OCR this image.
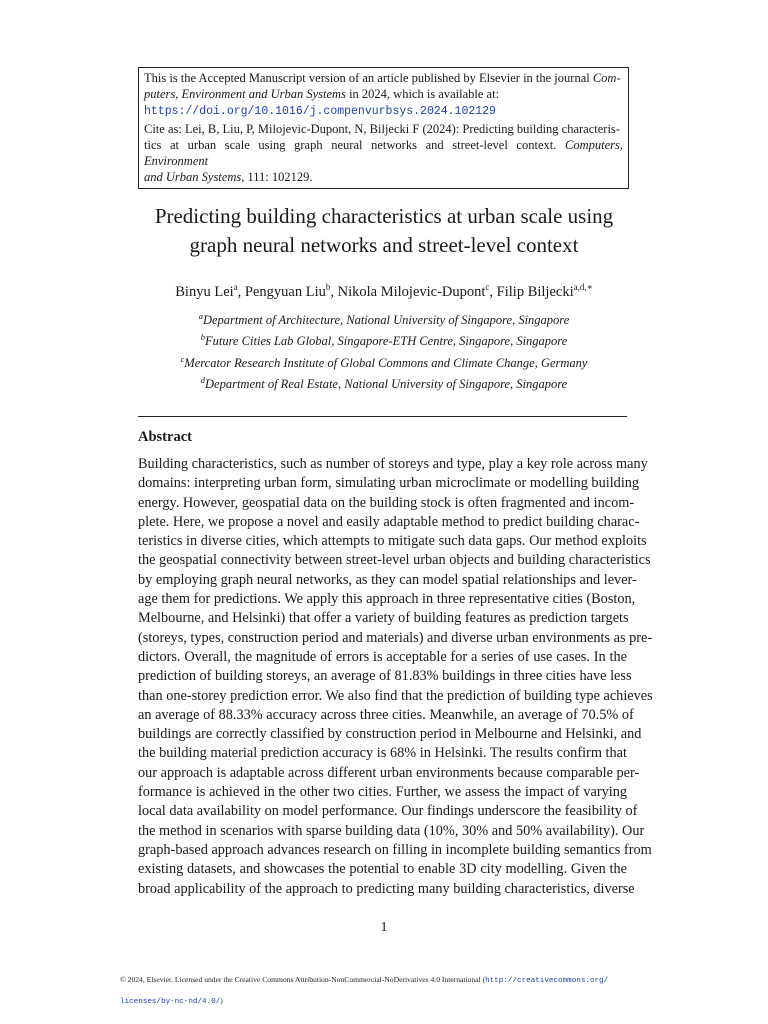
This is the Accepted Manuscript version of an article published by Elsevier in the journal Com-
puters, Environment and Urban Systems in 2024, which is available at:
https://doi.org/10.1016/j.compenvurbsys.2024.102129
Cite as: Lei, B, Liu, P, Milojevic-Dupont, N, Biljecki F (2024): Predicting building characteris-
tics at urban scale using graph neural networks and street-level context. Computers, Environment
and Urban Systems, 111: 102129.
Predicting building characteristics at urban scale using
graph neural networks and street-level context
Binyu Lei$^a$, Pengyuan Liu$^b$, Nikola Milojevic-Dupont$^c$, Filip Biljecki$^{a,d,∗}$
$^a$Department of Architecture, National University of Singapore, Singapore
$^b$Future Cities Lab Global, Singapore-ETH Centre, Singapore, Singapore
$^c$Mercator Research Institute of Global Commons and Climate Change, Germany
$^d$Department of Real Estate, National University of Singapore, Singapore
Abstract
Building characteristics, such as number of storeys and type, play a key role across many
domains: interpreting urban form, simulating urban microclimate or modelling building
energy. However, geospatial data on the building stock is often fragmented and incom-
plete. Here, we propose a novel and easily adaptable method to predict building charac-
teristics in diverse cities, which attempts to mitigate such data gaps. Our method exploits
the geospatial connectivity between street-level urban objects and building characteristics
by employing graph neural networks, as they can model spatial relationships and lever-
age them for predictions. We apply this approach in three representative cities (Boston,
Melbourne, and Helsinki) that offer a variety of building features as prediction targets
(storeys, types, construction period and materials) and diverse urban environments as pre-
dictors. Overall, the magnitude of errors is acceptable for a series of use cases. In the
prediction of building storeys, an average of 81.83% buildings in three cities have less
than one-storey prediction error. We also find that the prediction of building type achieves
an average of 88.33% accuracy across three cities. Meanwhile, an average of 70.5% of
buildings are correctly classified by construction period in Melbourne and Helsinki, and
the building material prediction accuracy is 68% in Helsinki. The results confirm that
our approach is adaptable across different urban environments because comparable per-
formance is achieved in the other two cities. Further, we assess the impact of varying
local data availability on model performance. Our findings underscore the feasibility of
the method in scenarios with sparse building data (10%, 30% and 50% availability). Our
graph-based approach advances research on filling in incomplete building semantics from
existing datasets, and showcases the potential to enable 3D city modelling. Given the
broad applicability of the approach to predicting many building characteristics, diverse
1
© 2024, Elsevier. Licensed under the Creative Commons Attribution-NonCommercial-NoDerivatives 4.0 International (http://creativecommons.org/
licenses/by-nc-nd/4.0/)
